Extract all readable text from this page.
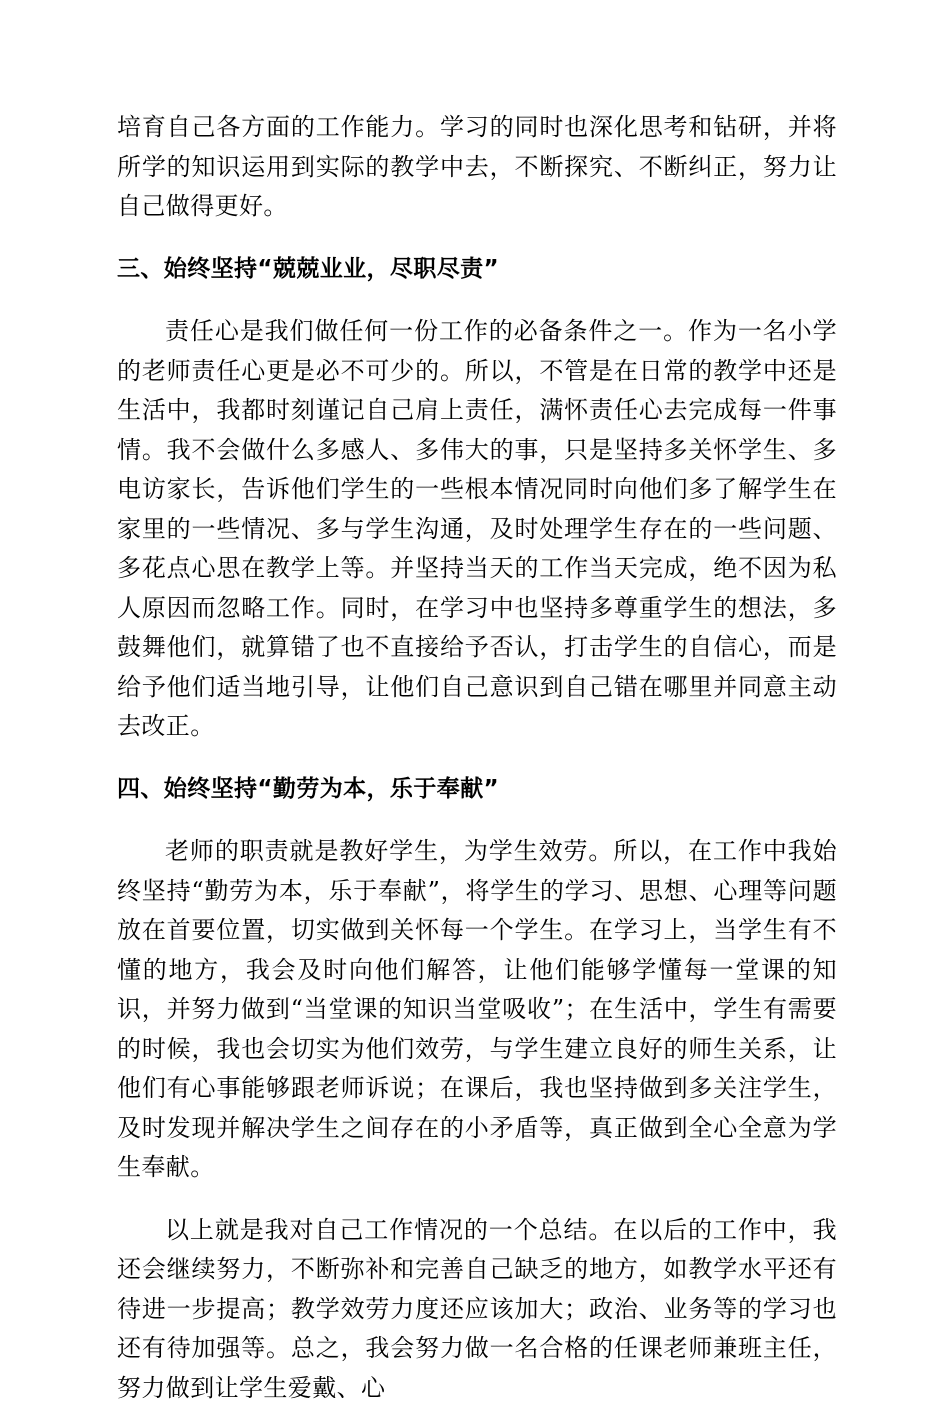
培育自己各方面的工作能力。学习的同时也深化思考和钻研，并将所学的知识运用到实际的教学中去，不断探究、不断纠正，努力让自己做得更好。

三、始终坚持“兢兢业业，尽职尽责”

责任心是我们做任何一份工作的必备条件之一。作为一名小学的老师责任心更是必不可少的。所以，不管是在日常的教学中还是生活中，我都时刻谨记自己肩上责任，满怀责任心去完成每一件事情。我不会做什么多感人、多伟大的事，只是坚持多关怀学生、多电访家长，告诉他们学生的一些根本情况同时向他们多了解学生在家里的一些情况、多与学生沟通，及时处理学生存在的一些问题、多花点心思在教学上等。并坚持当天的工作当天完成，绝不因为私人原因而忽略工作。同时，在学习中也坚持多尊重学生的想法，多鼓舞他们，就算错了也不直接给予否认，打击学生的自信心，而是给予他们适当地引导，让他们自己意识到自己错在哪里并同意主动去改正。

四、始终坚持“勤劳为本，乐于奉献”

老师的职责就是教好学生，为学生效劳。所以，在工作中我始终坚持“勤劳为本，乐于奉献”，将学生的学习、思想、心理等问题放在首要位置，切实做到关怀每一个学生。在学习上，当学生有不懂的地方，我会及时向他们解答，让他们能够学懂每一堂课的知识，并努力做到“当堂课的知识当堂吸收”；在生活中，学生有需要的时候，我也会切实为他们效劳，与学生建立良好的师生关系，让他们有心事能够跟老师诉说；在课后，我也坚持做到多关注学生，及时发现并解决学生之间存在的小矛盾等，真正做到全心全意为学生奉献。

以上就是我对自己工作情况的一个总结。在以后的工作中，我还会继续努力，不断弥补和完善自己缺乏的地方，如教学水平还有待进一步提高；教学效劳力度还应该加大；政治、业务等的学习也还有待加强等。总之，我会努力做一名合格的任课老师兼班主任，努力做到让学生爱戴、心
